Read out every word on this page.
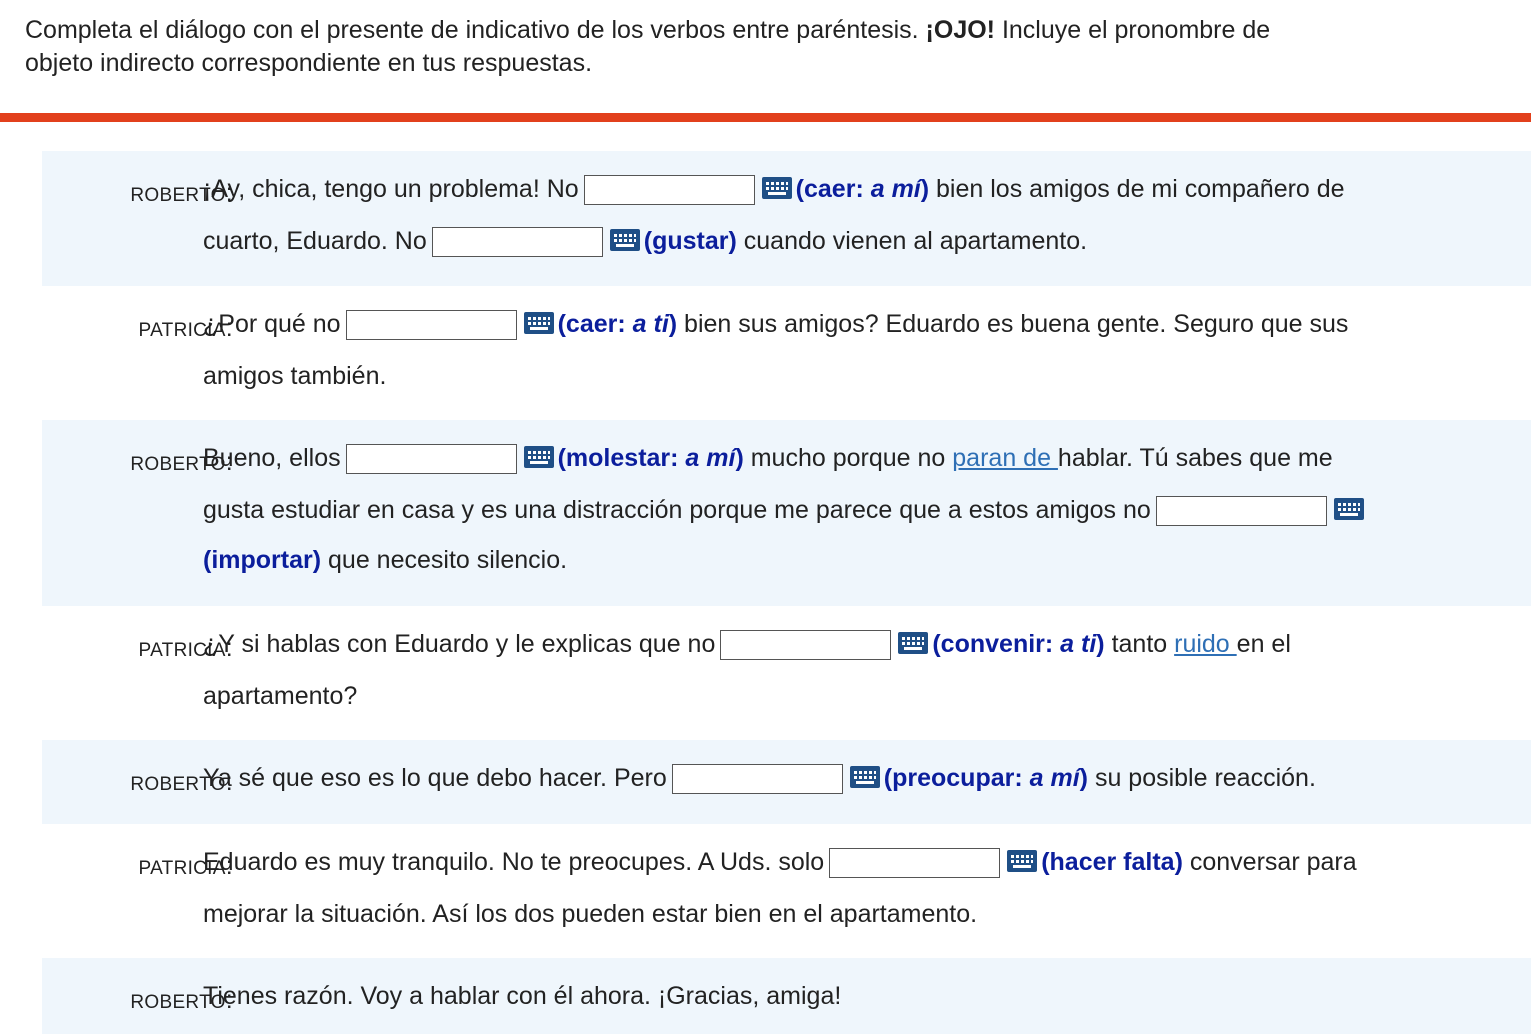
Completa el diálogo con el presente de indicativo de los verbos entre paréntesis. ¡OJO! Incluye el pronombre de
objeto indirecto correspondiente en tus respuestas.
ROBERTO :
¡Ay, chica, tengo un problema! No	(caer: a mí) bien los amigos de mi compañero de
cuarto, Eduardo. No	(gustar) cuando vienen al apartamento.
PATRICIA :
¿Por qué no	(caer: a ti) bien sus amigos? Eduardo es buena gente. Seguro que sus
amigos también.
ROBERTO :
Bueno, ellos	(molestar: a mí) mucho porque no paran de hablar. Tú sabes que me
gusta estudiar en casa y es una distracción porque me parece que a estos amigos no
(importar) que necesito silencio.
PATRICIA :
¿Y si hablas con Eduardo y le explicas que no	(convenir: a ti) tanto ruido en el
apartamento?
ROBERTO :
Ya sé que eso es lo que debo hacer. Pero	(preocupar: a mí) su posible reacción.
PATRICIA :
Eduardo es muy tranquilo. No te preocupes. A Uds. solo	(hacer falta) conversar para
mejorar la situación. Así los dos pueden estar bien en el apartamento.
ROBERTO :
Tienes razón. Voy a hablar con él ahora. ¡Gracias, amiga!
